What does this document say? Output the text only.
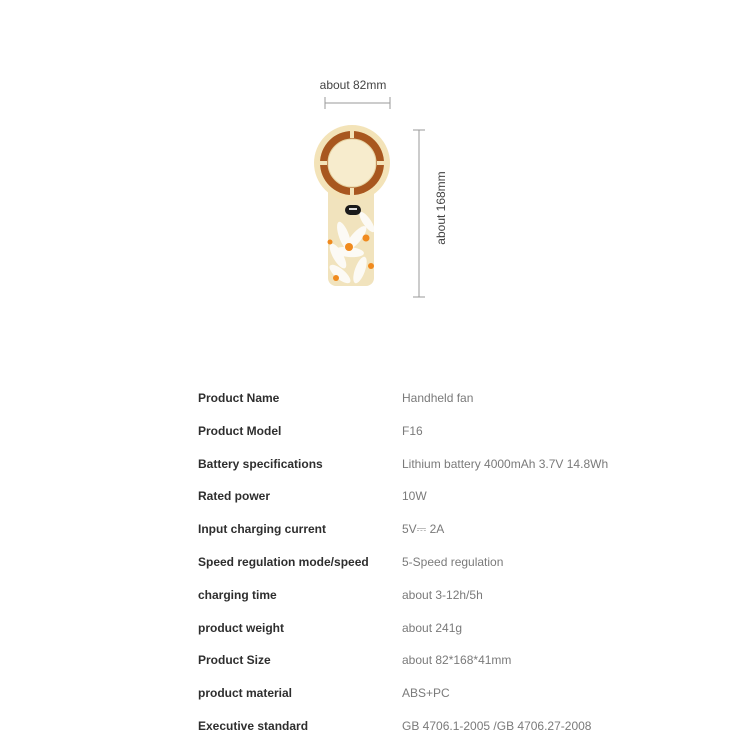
about 82mm
about 168mm
Product Name	Handheld fan
Product Model	F16
Battery specifications	Lithium battery 4000mAh 3.7V 14.8Wh
Rated power	10W
Input charging current	5V⎓ 2A
Speed regulation mode/speed	5-Speed regulation
charging time	about 3-12h/5h
product weight	about 241g
Product Size	about 82*168*41mm
product material	ABS+PC
Executive standard	GB 4706.1-2005 /GB 4706.27-2008
